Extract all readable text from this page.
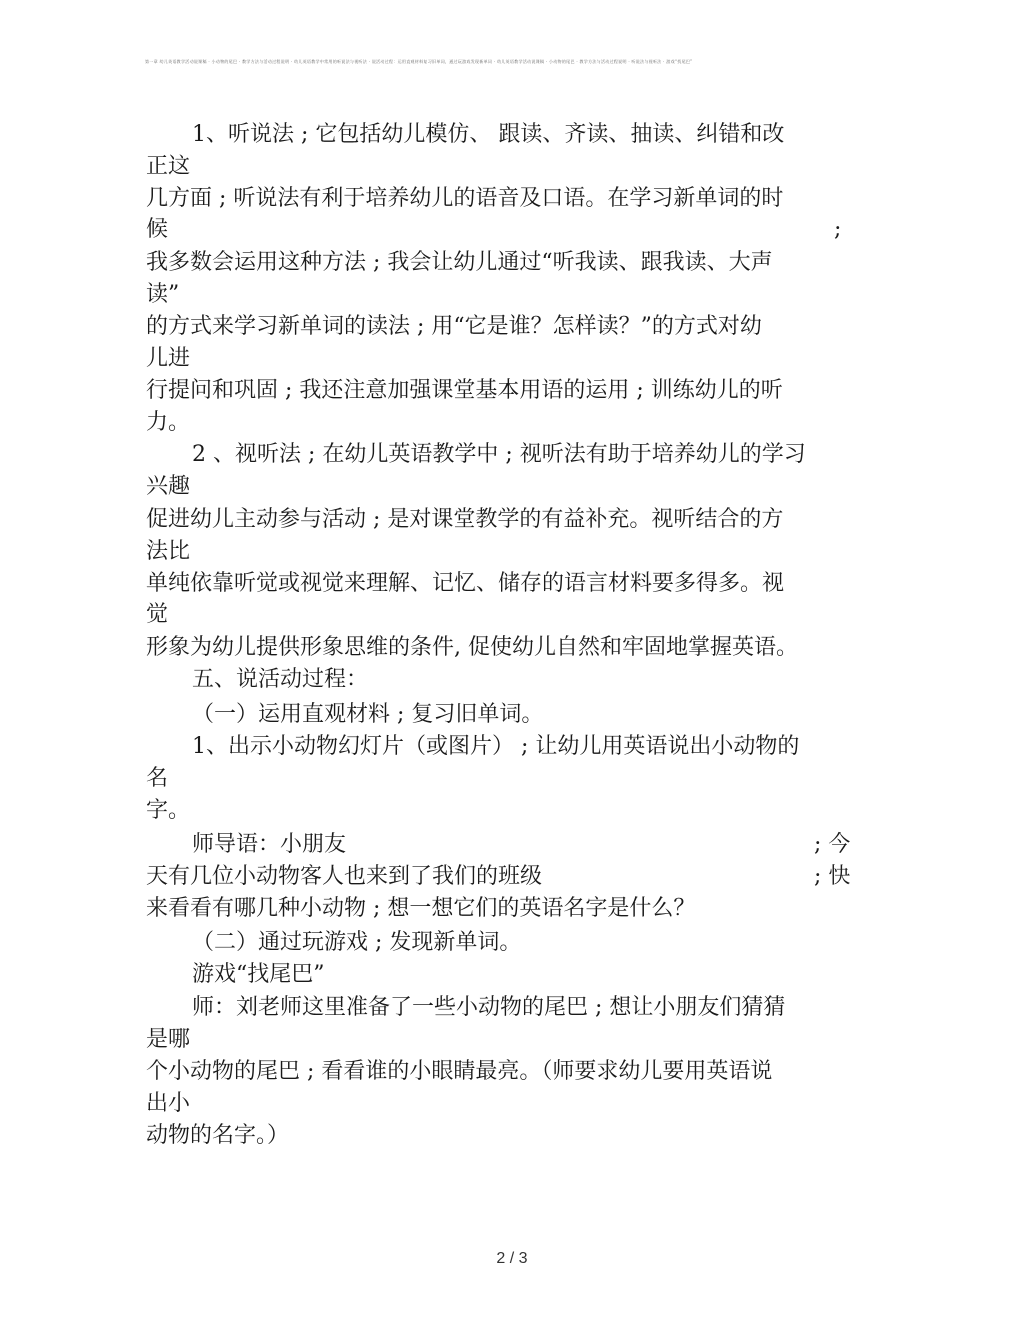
第一章 幼儿英语教学活动说课稿 · 小动物的尾巴 · 教学方法与活动过程说明 · 幼儿英语教学中常用的听说法与视听法 · 说活动过程：运用直观材料复习旧单词，通过玩游戏发现新单词 · 幼儿英语教学活动说课稿 · 小动物的尾巴 · 教学方法与活动过程说明 · 听说法与视听法 · 游戏“找尾巴”
1、听说法 ; 它包括幼儿模仿、 跟读、齐读、抽读、纠错和改
正这
几方面 ; 听说法有利于培养幼儿的语音及口语。在学习新单词的时
候	;
我多数会运用这种方法 ; 我会让幼儿通过“听我读、跟我读、大声
读”
的方式来学习新单词的读法 ; 用“它是谁？怎样读？”的方式对幼
儿进
行提问和巩固 ; 我还注意加强课堂基本用语的运用 ; 训练幼儿的听
力。
2 、视听法 ; 在幼儿英语教学中 ; 视听法有助于培养幼儿的学习
兴趣
促进幼儿主动参与活动 ; 是对课堂教学的有益补充。视听结合的方
法比
单纯依靠听觉或视觉来理解、记忆、储存的语言材料要多得多。视
觉
形象为幼儿提供形象思维的条件, 促使幼儿自然和牢固地掌握英语。
五、说活动过程：
（一）运用直观材料 ; 复习旧单词。
1、出示小动物幻灯片（或图片） ; 让幼儿用英语说出小动物的
名
字。
师导语：小朋友	; 今
天有几位小动物客人也来到了我们的班级	; 快
来看看有哪几种小动物 ; 想一想它们的英语名字是什么？
（二）通过玩游戏 ; 发现新单词。
游戏“找尾巴”
师：刘老师这里准备了一些小动物的尾巴 ; 想让小朋友们猜猜
是哪
个小动物的尾巴 ; 看看谁的小眼睛最亮。（师要求幼儿要用英语说
出小
动物的名字。）
2 / 3
